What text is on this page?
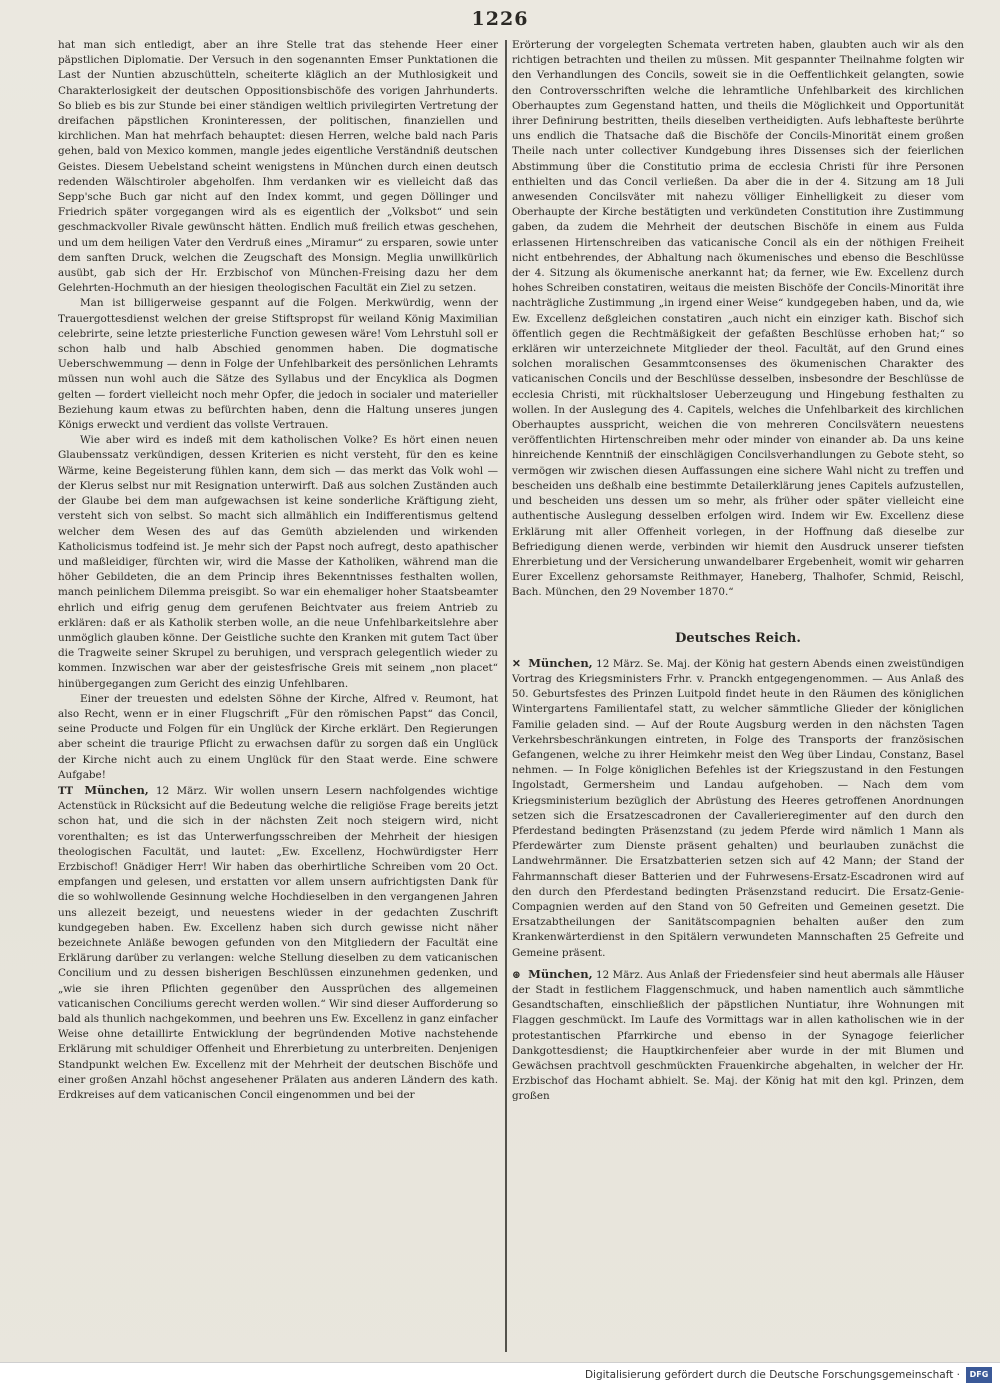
1226

hat man sich entledigt, aber an ihre Stelle trat das stehende Heer einer päpstlichen Diplomatie. Der Versuch in den sogenannten Emser Punktationen die Last der Nuntien abzuschütteln, scheiterte kläglich an der Muthlosigkeit und Charakterlosigkeit der deutschen Oppositionsbischöfe des vorigen Jahrhunderts. So blieb es bis zur Stunde bei einer ständigen weltlich privilegirten Vertretung der dreifachen päpstlichen Kroninteressen, der politischen, finanziellen und kirchlichen. Man hat mehrfach behauptet: diesen Herren, welche bald nach Paris gehen, bald von Mexico kommen, mangle jedes eigentliche Verständniß deutschen Geistes. Diesem Uebelstand scheint wenigstens in München durch einen deutsch redenden Wälschtiroler abgeholfen. Ihm verdanken wir es vielleicht daß das Sepp'sche Buch gar nicht auf den Index kommt, und gegen Döllinger und Friedrich später vorgegangen wird als es eigentlich der „Volksbot“ und sein geschmackvoller Rivale gewünscht hätten. Endlich muß freilich etwas geschehen, und um dem heiligen Vater den Verdruß eines „Miramur“ zu ersparen, sowie unter dem sanften Druck, welchen die Zeugschaft des Monsign. Meglia unwillkürlich ausübt, gab sich der Hr. Erzbischof von München-Freising dazu her dem Gelehrten-Hochmuth an der hiesigen theologischen Facultät ein Ziel zu setzen.

Man ist billigerweise gespannt auf die Folgen. Merkwürdig, wenn der Trauergottesdienst welchen der greise Stiftspropst für weiland König Maximilian celebrirte, seine letzte priesterliche Function gewesen wäre! Vom Lehrstuhl soll er schon halb und halb Abschied genommen haben. Die dogmatische Ueberschwemmung — denn in Folge der Unfehlbarkeit des persönlichen Lehramts müssen nun wohl auch die Sätze des Syllabus und der Encyklica als Dogmen gelten — fordert vielleicht noch mehr Opfer, die jedoch in socialer und materieller Beziehung kaum etwas zu befürchten haben, denn die Haltung unseres jungen Königs erweckt und verdient das vollste Vertrauen.

Wie aber wird es indeß mit dem katholischen Volke? Es hört einen neuen Glaubenssatz verkündigen, dessen Kriterien es nicht versteht, für den es keine Wärme, keine Begeisterung fühlen kann, dem sich — das merkt das Volk wohl — der Klerus selbst nur mit Resignation unterwirft. Daß aus solchen Zuständen auch der Glaube bei dem man aufgewachsen ist keine sonderliche Kräftigung zieht, versteht sich von selbst. So macht sich allmählich ein Indifferentismus geltend welcher dem Wesen des auf das Gemüth abzielenden und wirkenden Katholicismus todfeind ist. Je mehr sich der Papst noch aufregt, desto apathischer und maßleidiger, fürchten wir, wird die Masse der Katholiken, während man die höher Gebildeten, die an dem Princip ihres Bekenntnisses festhalten wollen, manch peinlichem Dilemma preisgibt. So war ein ehemaliger hoher Staatsbeamter ehrlich und eifrig genug dem gerufenen Beichtvater aus freiem Antrieb zu erklären: daß er als Katholik sterben wolle, an die neue Unfehlbarkeitslehre aber unmöglich glauben könne. Der Geistliche suchte den Kranken mit gutem Tact über die Tragweite seiner Skrupel zu beruhigen, und versprach gelegentlich wieder zu kommen. Inzwischen war aber der geistesfrische Greis mit seinem „non placet“ hinübergegangen zum Gericht des einzig Unfehlbaren.

Einer der treuesten und edelsten Söhne der Kirche, Alfred v. Reumont, hat also Recht, wenn er in einer Flugschrift „Für den römischen Papst“ das Concil, seine Producte und Folgen für ein Unglück der Kirche erklärt. Den Regierungen aber scheint die traurige Pflicht zu erwachsen dafür zu sorgen daß ein Unglück der Kirche nicht auch zu einem Unglück für den Staat werde. Eine schwere Aufgabe!

TT München, 12 März. Wir wollen unsern Lesern nachfolgendes wichtige Actenstück in Rücksicht auf die Bedeutung welche die religiöse Frage bereits jetzt schon hat, und die sich in der nächsten Zeit noch steigern wird, nicht vorenthalten; es ist das Unterwerfungsschreiben der Mehrheit der hiesigen theologischen Facultät, und lautet: „Ew. Excellenz, Hochwürdigster Herr Erzbischof! Gnädiger Herr! Wir haben das oberhirtliche Schreiben vom 20 Oct. empfangen und gelesen, und erstatten vor allem unsern aufrichtigsten Dank für die so wohlwollende Gesinnung welche Hochdieselben in den vergangenen Jahren uns allezeit bezeigt, und neuestens wieder in der gedachten Zuschrift kundgegeben haben. Ew. Excellenz haben sich durch gewisse nicht näher bezeichnete Anläße bewogen gefunden von den Mitgliedern der Facultät eine Erklärung darüber zu verlangen: welche Stellung dieselben zu dem vaticanischen Concilium und zu dessen bisherigen Beschlüssen einzunehmen gedenken, und „wie sie ihren Pflichten gegenüber den Aussprüchen des allgemeinen vaticanischen Conciliums gerecht werden wollen.“ Wir sind dieser Aufforderung so bald als thunlich nachgekommen, und beehren uns Ew. Excellenz in ganz einfacher Weise ohne detaillirte Entwicklung der begründenden Motive nachstehende Erklärung mit schuldiger Offenheit und Ehrerbietung zu unterbreiten. Denjenigen Standpunkt welchen Ew. Excellenz mit der Mehrheit der deutschen Bischöfe und einer großen Anzahl höchst angesehener Prälaten aus anderen Ländern des kath. Erdkreises auf dem vaticanischen Concil eingenommen und bei der

Erörterung der vorgelegten Schemata vertreten haben, glaubten auch wir als den richtigen betrachten und theilen zu müssen. Mit gespannter Theilnahme folgten wir den Verhandlungen des Concils, soweit sie in die Oeffentlichkeit gelangten, sowie den Controversschriften welche die lehramtliche Unfehlbarkeit des kirchlichen Oberhauptes zum Gegenstand hatten, und theils die Möglichkeit und Opportunität ihrer Definirung bestritten, theils dieselben vertheidigten. Aufs lebhafteste berührte uns endlich die Thatsache daß die Bischöfe der Concils-Minorität einem großen Theile nach unter collectiver Kundgebung ihres Dissenses sich der feierlichen Abstimmung über die Constitutio prima de ecclesia Christi für ihre Personen enthielten und das Concil verließen. Da aber die in der 4. Sitzung am 18 Juli anwesenden Concilsväter mit nahezu völliger Einhelligkeit zu dieser vom Oberhaupte der Kirche bestätigten und verkündeten Constitution ihre Zustimmung gaben, da zudem die Mehrheit der deutschen Bischöfe in einem aus Fulda erlassenen Hirtenschreiben das vaticanische Concil als ein der nöthigen Freiheit nicht entbehrendes, der Abhaltung nach ökumenisches und ebenso die Beschlüsse der 4. Sitzung als ökumenische anerkannt hat; da ferner, wie Ew. Excellenz durch hohes Schreiben constatiren, weitaus die meisten Bischöfe der Concils-Minorität ihre nachträgliche Zustimmung „in irgend einer Weise“ kundgegeben haben, und da, wie Ew. Excellenz deßgleichen constatiren „auch nicht ein einziger kath. Bischof sich öffentlich gegen die Rechtmäßigkeit der gefaßten Beschlüsse erhoben hat;“ so erklären wir unterzeichnete Mitglieder der theol. Facultät, auf den Grund eines solchen moralischen Gesammtconsenses des ökumenischen Charakter des vaticanischen Concils und der Beschlüsse desselben, insbesondre der Beschlüsse de ecclesia Christi, mit rückhaltsloser Ueberzeugung und Hingebung festhalten zu wollen. In der Auslegung des 4. Capitels, welches die Unfehlbarkeit des kirchlichen Oberhauptes ausspricht, weichen die von mehreren Concilsvätern neuestens veröffentlichten Hirtenschreiben mehr oder minder von einander ab. Da uns keine hinreichende Kenntniß der einschlägigen Concilsverhandlungen zu Gebote steht, so vermögen wir zwischen diesen Auffassungen eine sichere Wahl nicht zu treffen und bescheiden uns deßhalb eine bestimmte Detailerklärung jenes Capitels aufzustellen, und bescheiden uns dessen um so mehr, als früher oder später vielleicht eine authentische Auslegung desselben erfolgen wird. Indem wir Ew. Excellenz diese Erklärung mit aller Offenheit vorlegen, in der Hoffnung daß dieselbe zur Befriedigung dienen werde, verbinden wir hiemit den Ausdruck unserer tiefsten Ehrerbietung und der Versicherung unwandelbarer Ergebenheit, womit wir geharren Eurer Excellenz gehorsamste Reithmayer, Haneberg, Thalhofer, Schmid, Reischl, Bach. München, den 29 November 1870.“

Deutsches Reich.

✕ München, 12 März. Se. Maj. der König hat gestern Abends einen zweistündigen Vortrag des Kriegsministers Frhr. v. Pranckh entgegengenommen. — Aus Anlaß des 50. Geburtsfestes des Prinzen Luitpold findet heute in den Räumen des königlichen Wintergartens Familientafel statt, zu welcher sämmtliche Glieder der königlichen Familie geladen sind. — Auf der Route Augsburg werden in den nächsten Tagen Verkehrsbeschränkungen eintreten, in Folge des Transports der französischen Gefangenen, welche zu ihrer Heimkehr meist den Weg über Lindau, Constanz, Basel nehmen. — In Folge königlichen Befehles ist der Kriegszustand in den Festungen Ingolstadt, Germersheim und Landau aufgehoben. — Nach dem vom Kriegsministerium bezüglich der Abrüstung des Heeres getroffenen Anordnungen setzen sich die Ersatzescadronen der Cavallerieregimenter auf den durch den Pferdestand bedingten Präsenzstand (zu jedem Pferde wird nämlich 1 Mann als Pferdewärter zum Dienste präsent gehalten) und beurlauben zunächst die Landwehrmänner. Die Ersatzbatterien setzen sich auf 42 Mann; der Stand der Fahrmannschaft dieser Batterien und der Fuhrwesens-Ersatz-Escadronen wird auf den durch den Pferdestand bedingten Präsenzstand reducirt. Die Ersatz-Genie-Compagnien werden auf den Stand von 50 Gefreiten und Gemeinen gesetzt. Die Ersatzabtheilungen der Sanitätscompagnien behalten außer den zum Krankenwärterdienst in den Spitälern verwundeten Mannschaften 25 Gefreite und Gemeine präsent.

⊛ München, 12 März. Aus Anlaß der Friedensfeier sind heut abermals alle Häuser der Stadt in festlichem Flaggenschmuck, und haben namentlich auch sämmtliche Gesandtschaften, einschließlich der päpstlichen Nuntiatur, ihre Wohnungen mit Flaggen geschmückt. Im Laufe des Vormittags war in allen katholischen wie in der protestantischen Pfarrkirche und ebenso in der Synagoge feierlicher Dankgottesdienst; die Hauptkirchenfeier aber wurde in der mit Blumen und Gewächsen prachtvoll geschmückten Frauenkirche abgehalten, in welcher der Hr. Erzbischof das Hochamt abhielt. Se. Maj. der König hat mit den kgl. Prinzen, dem großen

Digitalisierung gefördert durch die Deutsche Forschungsgemeinschaft ·	DFG
